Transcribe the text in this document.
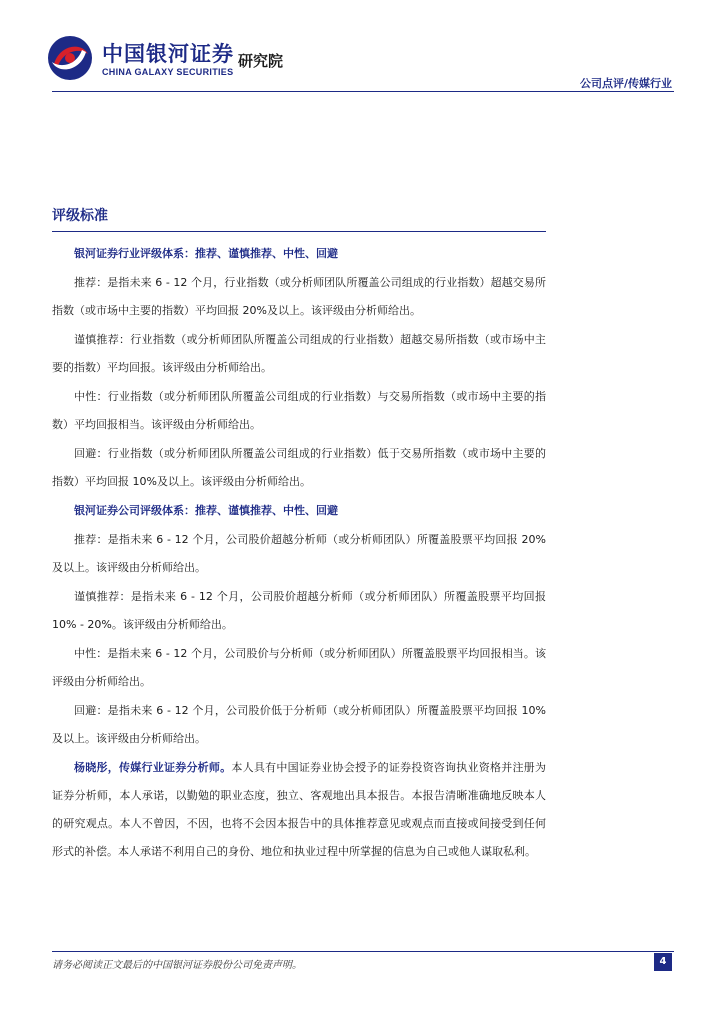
中国银河证券 研究院
CHINA GALAXY SECURITIES
公司点评/传媒行业
评级标准

银河证券行业评级体系：推荐、谨慎推荐、中性、回避

推荐：是指未来 6 - 12 个月，行业指数（或分析师团队所覆盖公司组成的行业指数）超越交易所指数（或市场中主要的指数）平均回报 20%及以上。该评级由分析师给出。

谨慎推荐：行业指数（或分析师团队所覆盖公司组成的行业指数）超越交易所指数（或市场中主要的指数）平均回报。该评级由分析师给出。

中性：行业指数（或分析师团队所覆盖公司组成的行业指数）与交易所指数（或市场中主要的指数）平均回报相当。该评级由分析师给出。

回避：行业指数（或分析师团队所覆盖公司组成的行业指数）低于交易所指数（或市场中主要的指数）平均回报 10%及以上。该评级由分析师给出。

银河证券公司评级体系：推荐、谨慎推荐、中性、回避

推荐：是指未来 6 - 12 个月，公司股价超越分析师（或分析师团队）所覆盖股票平均回报 20%及以上。该评级由分析师给出。

谨慎推荐：是指未来 6 - 12 个月，公司股价超越分析师（或分析师团队）所覆盖股票平均回报 10% - 20%。该评级由分析师给出。

中性：是指未来 6 - 12 个月，公司股价与分析师（或分析师团队）所覆盖股票平均回报相当。该评级由分析师给出。

回避：是指未来 6 - 12 个月，公司股价低于分析师（或分析师团队）所覆盖股票平均回报 10%及以上。该评级由分析师给出。

杨晓彤，传媒行业证券分析师。本人具有中国证券业协会授予的证券投资咨询执业资格并注册为证券分析师，本人承诺，以勤勉的职业态度，独立、客观地出具本报告。本报告清晰准确地反映本人的研究观点。本人不曾因，不因，也将不会因本报告中的具体推荐意见或观点而直接或间接受到任何形式的补偿。本人承诺不利用自己的身份、地位和执业过程中所掌握的信息为自己或他人谋取私利。

请务必阅读正文最后的中国银河证券股份公司免责声明。	4
